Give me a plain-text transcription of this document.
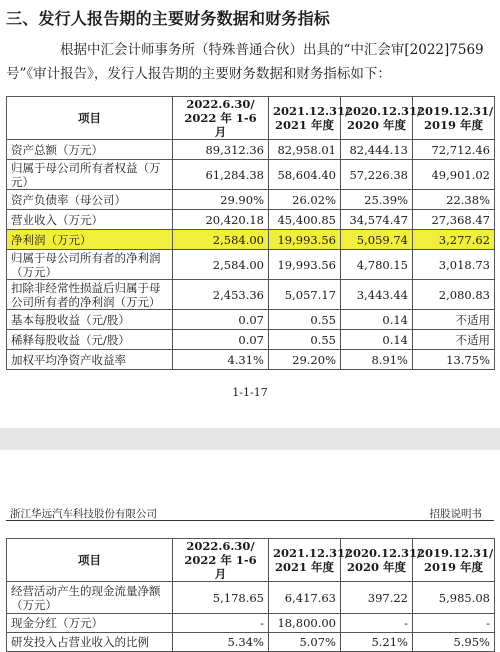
三、发行人报告期的主要财务数据和财务指标
根据中汇会计师事务所（特殊普通合伙）出具的“中汇会审[2022]7569 号”《审计报告》，发行人报告期的主要财务数据和财务指标如下：
项目	2022.6.30/ 2022 年 1-6 月	2021.12.31/ 2021 年度	2020.12.31/ 2020 年度	2019.12.31/ 2019 年度
资产总额（万元）	89,312.36	82,958.01	82,444.13	72,712.46
归属于母公司所有者权益（万元）	61,284.38	58,604.40	57,226.38	49,901.02
资产负债率（母公司）	29.90%	26.02%	25.39%	22.38%
营业收入（万元）	20,420.18	45,400.85	34,574.47	27,368.47
净利润（万元）	2,584.00	19,993.56	5,059.74	3,277.62
归属于母公司所有者的净利润（万元）	2,584.00	19,993.56	4,780.15	3,018.73
扣除非经常性损益后归属于母公司所有者的净利润（万元）	2,453.36	5,057.17	3,443.44	2,080.83
基本每股收益（元/股）	0.07	0.55	0.14	不适用
稀释每股收益（元/股）	0.07	0.55	0.14	不适用
加权平均净资产收益率	4.31%	29.20%	8.91%	13.75%
1-1-17
浙江华远汽车科技股份有限公司	招股说明书
项目	2022.6.30/ 2022 年 1-6 月	2021.12.31/ 2021 年度	2020.12.31/ 2020 年度	2019.12.31/ 2019 年度
经营活动产生的现金流量净额（万元）	5,178.65	6,417.63	397.22	5,985.08
现金分红（万元）	-	18,800.00	-	-
研发投入占营业收入的比例	5.34%	5.07%	5.21%	5.95%
